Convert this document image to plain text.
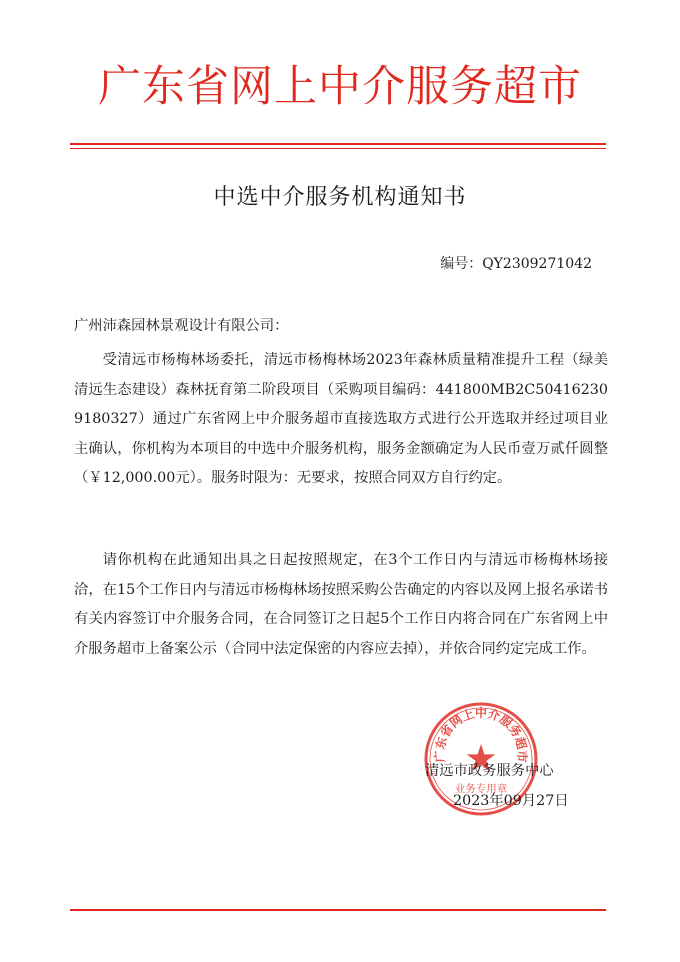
广东省网上中介服务超市
中选中介服务机构通知书
编号：QY2309271042
广州沛森园林景观设计有限公司：

受清远市杨梅林场委托，清远市杨梅林场2023年森林质量精准提升工程（绿美清远生态建设）森林抚育第二阶段项目（采购项目编码：441800MB2C504162309180327）通过广东省网上中介服务超市直接选取方式进行公开选取并经过项目业主确认，你机构为本项目的中选中介服务机构，服务金额确定为人民币壹万贰仟圆整（￥12,000.00元）。服务时限为：无要求，按照合同双方自行约定。

请你机构在此通知出具之日起按照规定，在3个工作日内与清远市杨梅林场接洽，在15个工作日内与清远市杨梅林场按照采购公告确定的内容以及网上报名承诺书有关内容签订中介服务合同，在合同签订之日起5个工作日内将合同在广东省网上中介服务超市上备案公示（合同中法定保密的内容应去掉），并依合同约定完成工作。

广东省网上中介服务超市
业务专用章
清远市政务服务中心
2023年09月27日
